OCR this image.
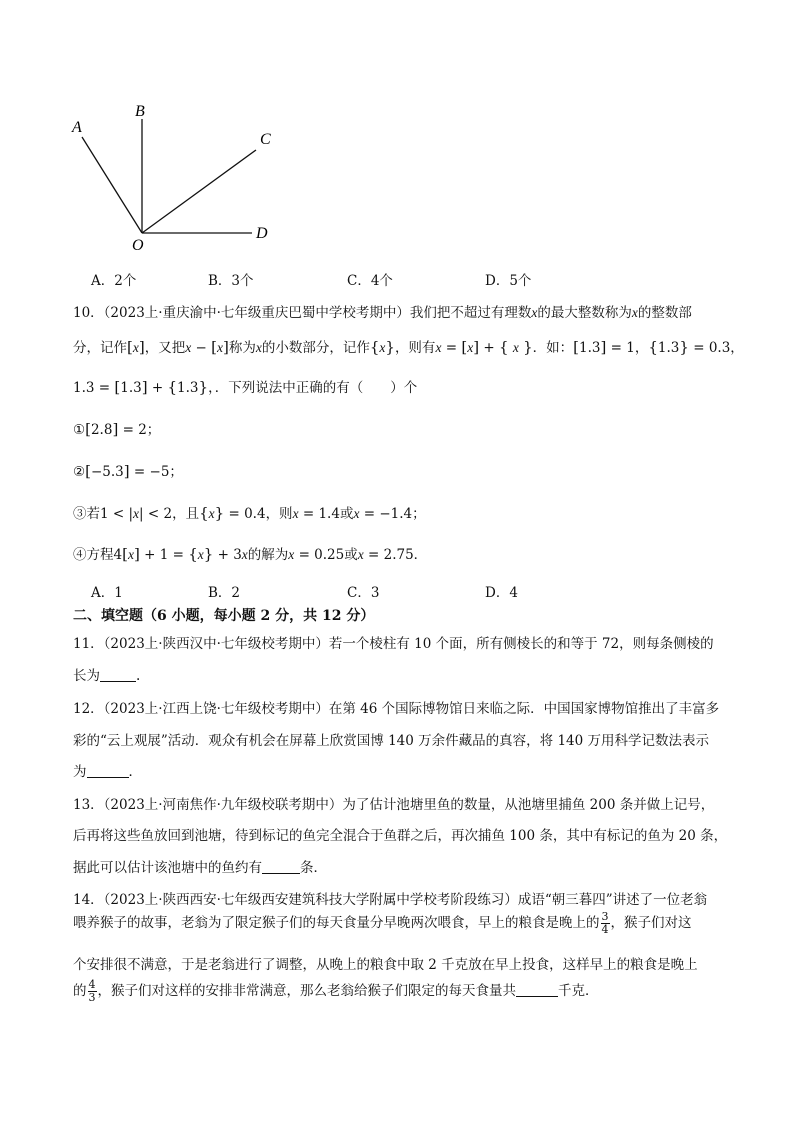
A
B
C
D
O
A．2个	B．3个	C．4个	D．5个
10．（2023上·重庆渝中·七年级重庆巴蜀中学校考期中）我们把不超过有理数x的最大整数称为x的整数部
分，记作[x]，又把x − [x]称为x的小数部分，记作{x}，则有x = [x] + { x }．如：[1.3] = 1，{1.3} = 0.3，
1.3 = [1.3] + {1.3}，．下列说法中正确的有（　　）个
①[2.8] = 2；
②[−5.3] = −5；
③若1 < |x| < 2，且{x} = 0.4，则x = 1.4或x = −1.4；
④方程4[x] + 1 = {x} + 3x的解为x = 0.25或x = 2.75．
A．1	B．2	C．3	D．4
二、填空题（6 小题，每小题 2 分，共 12 分）
11．（2023上·陕西汉中·七年级校考期中）若一个棱柱有 10 个面，所有侧棱长的和等于 72，则每条侧棱的
长为	.
12．（2023上·江西上饶·七年级校考期中）在第 46 个国际博物馆日来临之际．中国国家博物馆推出了丰富多
彩的“云上观展”活动．观众有机会在屏幕上欣赏国博 140 万余件藏品的真容，将 140 万用科学记数法表示
为	．
13．（2023上·河南焦作·九年级校联考期中）为了估计池塘里鱼的数量，从池塘里捕鱼 200 条并做上记号，
后再将这些鱼放回到池塘，待到标记的鱼完全混合于鱼群之后，再次捕鱼 100 条，其中有标记的鱼为 20 条，
据此可以估计该池塘中的鱼约有	条．
14．（2023上·陕西西安·七年级西安建筑科技大学附属中学校考阶段练习）成语“朝三暮四”讲述了一位老翁
喂养猴子的故事，老翁为了限定猴子们的每天食量分早晚两次喂食，早上的粮食是晚上的 $\frac{3}{4}$ ，猴子们对这
个安排很不满意，于是老翁进行了调整，从晚上的粮食中取 2 千克放在早上投食，这样早上的粮食是晚上
的 $\frac{4}{3}$ ，猴子们对这样的安排非常满意，那么老翁给猴子们限定的每天食量共	千克．
